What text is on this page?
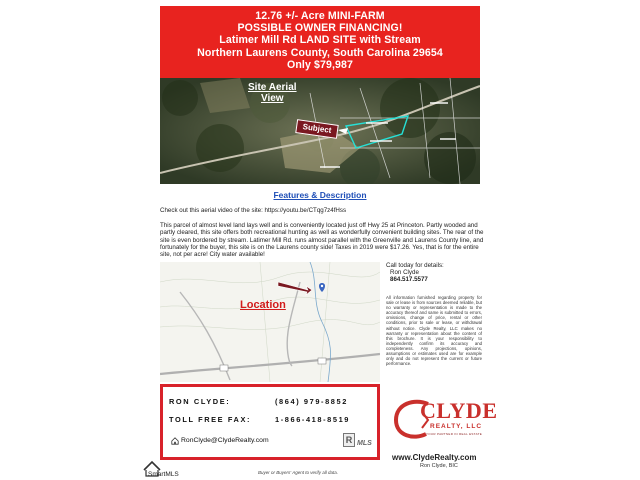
12.76 +/- Acre MINI-FARM
POSSIBLE OWNER FINANCING!
Latimer Mill Rd LAND SITE with Stream
Northern Laurens County, South Carolina 29654
Only $79,987
Site Aerial
View
Subject
Features & Description
Check out this aerial video of the site: https://youtu.be/CTqg7z4fHss
This parcel of almost level land lays well and is conveniently located just off Hwy 25 at Princeton. Partly wooded and partly cleared, this site offers both recreational hunting as well as wonderfully convenient building sites. The rear of the site is even bordered by stream. Latimer Mill Rd. runs almost parallel with the Greenville and Laurens County line, and fortunately for the buyer, this site is on the Laurens county side! Taxes in 2019 were $17.26. Yes, that is for the entire site, not per acre! City water available!
Location
Call today for details:
Ron Clyde
864.517.5577
All information furnished regarding property for sale or lease is from sources deemed reliable, but no warranty or representation is made to the accuracy thereof and same is submitted to errors, omissions, change of price, rental or other conditions, prior to sale or lease, or withdrawal without notice. Clyde Realty, LLC makes no warranty or representation about the content of this brochure. It is your responsibility to independently confirm its accuracy and completeness. Any projections, opinions, assumptions or estimates used are for example only and do not represent the current or future performance.
RON CLYDE:	(864) 979-8852
TOLL FREE FAX:	1-866-418-8519
RonClyde@ClydeRealty.com	R MLS
CLYDE
REALTY, LLC
YOUR PARTNER IN REAL ESTATE
www.ClydeRealty.com
Ron Clyde, BIC
SmartMLS	Buyer or Buyers' Agent to verify all data.
